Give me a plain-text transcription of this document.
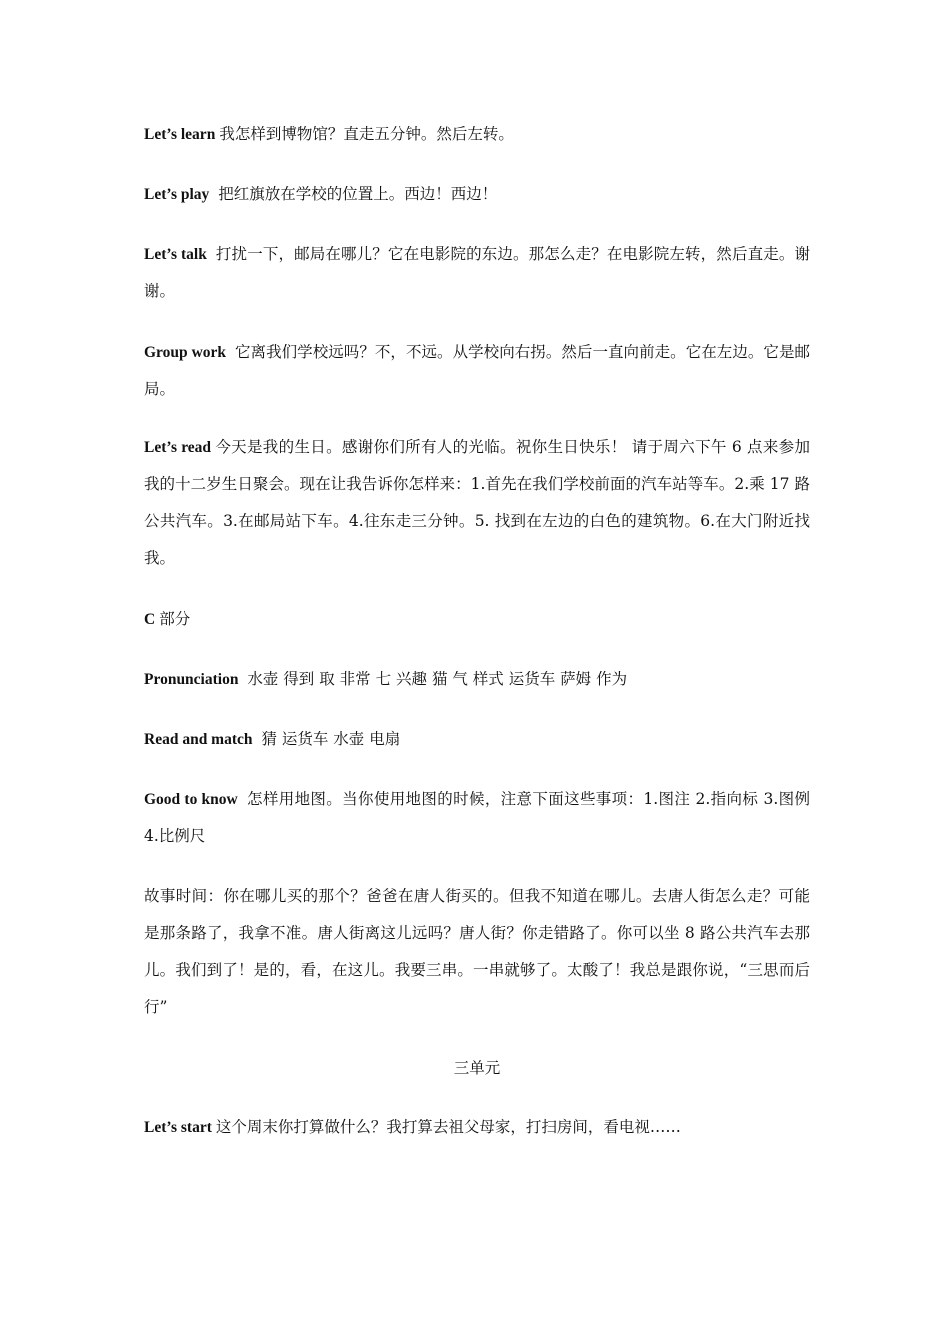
Let’s learn 我怎样到博物馆？直走五分钟。然后左转。

Let’s play 把红旗放在学校的位置上。西边！西边！

Let’s talk 打扰一下，邮局在哪儿？它在电影院的东边。那怎么走？在电影院左转，然后直走。谢谢。

Group work 它离我们学校远吗？不，不远。从学校向右拐。然后一直向前走。它在左边。它是邮局。

Let’s read 今天是我的生日。感谢你们所有人的光临。祝你生日快乐！ 请于周六下午 6 点来参加我的十二岁生日聚会。现在让我告诉你怎样来：1.首先在我们学校前面的汽车站等车。2.乘 17 路公共汽车。3.在邮局站下车。4.往东走三分钟。5. 找到在左边的白色的建筑物。6.在大门附近找我。

C 部分

Pronunciation 水壶 得到 取 非常 七 兴趣 猫 气 样式 运货车 萨姆 作为

Read and match 猜 运货车 水壶 电扇

Good to know 怎样用地图。当你使用地图的时候，注意下面这些事项：1.图注 2.指向标 3.图例 4.比例尺

故事时间：你在哪儿买的那个？爸爸在唐人街买的。但我不知道在哪儿。去唐人街怎么走？可能是那条路了，我拿不准。唐人街离这儿远吗？唐人街？你走错路了。你可以坐 8 路公共汽车去那儿。我们到了！是的，看，在这儿。我要三串。一串就够了。太酸了！我总是跟你说，“三思而后行”

三单元

Let’s start 这个周末你打算做什么？我打算去祖父母家，打扫房间，看电视……
